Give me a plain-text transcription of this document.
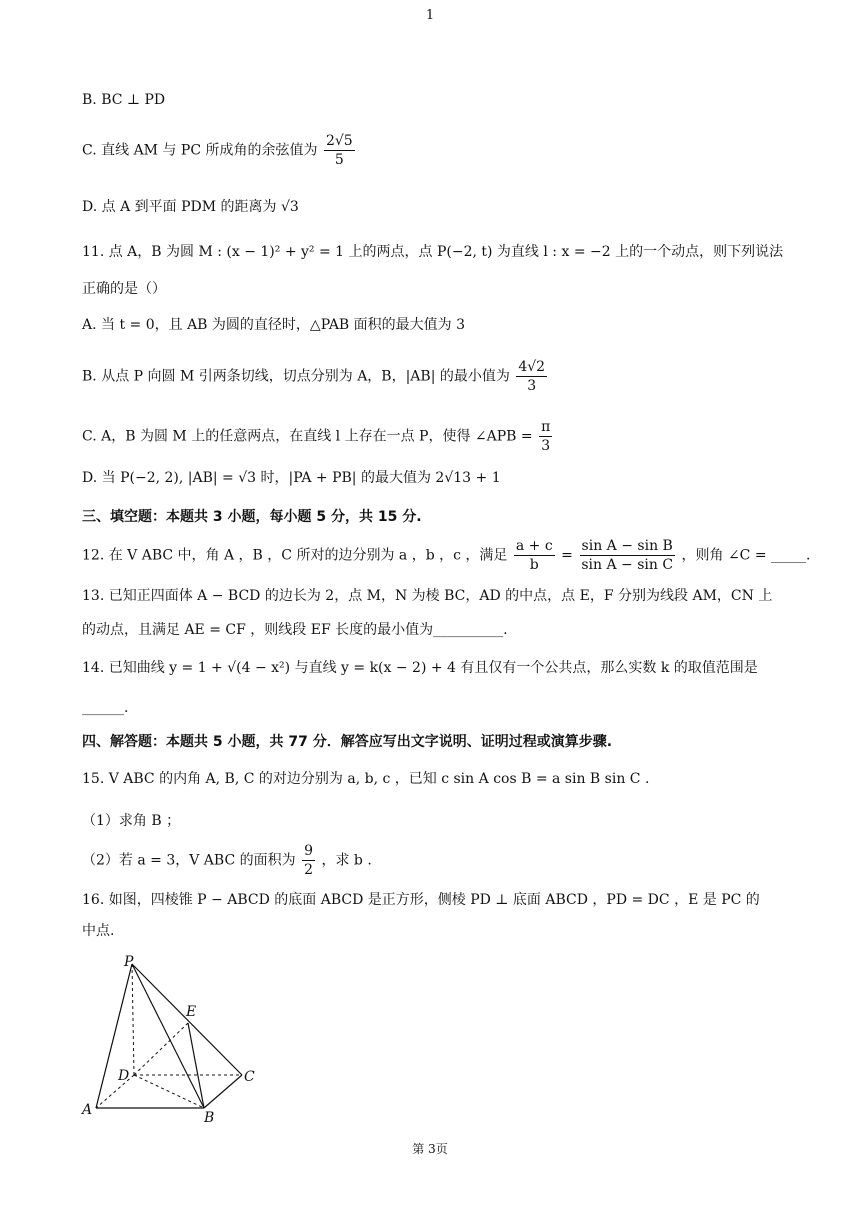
1
B. BC ⊥ PD
C. 直线 AM 与 PC 所成角的余弦值为 $\frac{2√5}{5}$
D. 点 A 到平面 PDM 的距离为 √3
11. 点 A，B 为圆 M : (x − 1)² + y² = 1 上的两点，点 P(−2, t) 为直线 l : x = −2 上的一个动点，则下列说法
正确的是（）
A. 当 t = 0，且 AB 为圆的直径时，△PAB 面积的最大值为 3
B. 从点 P 向圆 M 引两条切线，切点分别为 A，B，|AB| 的最小值为 $\frac{4√2}{3}$
C. A，B 为圆 M 上的任意两点，在直线 l 上存在一点 P，使得 ∠APB = $\frac{\pi}{3}$
D. 当 P(−2, 2), |AB| = √3 时，|PA + PB| 的最大值为 2√13 + 1
三、填空题：本题共 3 小题，每小题 5 分，共 15 分.
12. 在 V ABC 中，角 A ，B ，C 所对的边分别为 a ，b ，c ，满足 $\frac{a + c}{b} = \frac{\text{sin A − sin B}}{\text{sin A − sin C}}$ ，则角 ∠C = _____.
13. 已知正四面体 A − BCD 的边长为 2，点 M，N 为棱 BC，AD 的中点，点 E，F 分别为线段 AM，CN 上
的动点，且满足 AE = CF ，则线段 EF 长度的最小值为__________.
14. 已知曲线 y = 1 + √(4 − x²) 与直线 y = k(x − 2) + 4 有且仅有一个公共点，那么实数 k 的取值范围是
______.
四、解答题：本题共 5 小题，共 77 分．解答应写出文字说明、证明过程或演算步骤.
15. V ABC 的内角 A, B, C 的对边分别为 a, b, c ，已知 c sin A cos B = a sin B sin C .
（1）求角 B ；
（2）若 a = 3，V ABC 的面积为 $\frac{9}{2}$ ，求 b .
16. 如图，四棱锥 P − ABCD 的底面 ABCD 是正方形，侧棱 PD ⊥ 底面 ABCD ，PD = DC ，E 是 PC 的
中点.
P
E
D	C
A	B
第 3页
